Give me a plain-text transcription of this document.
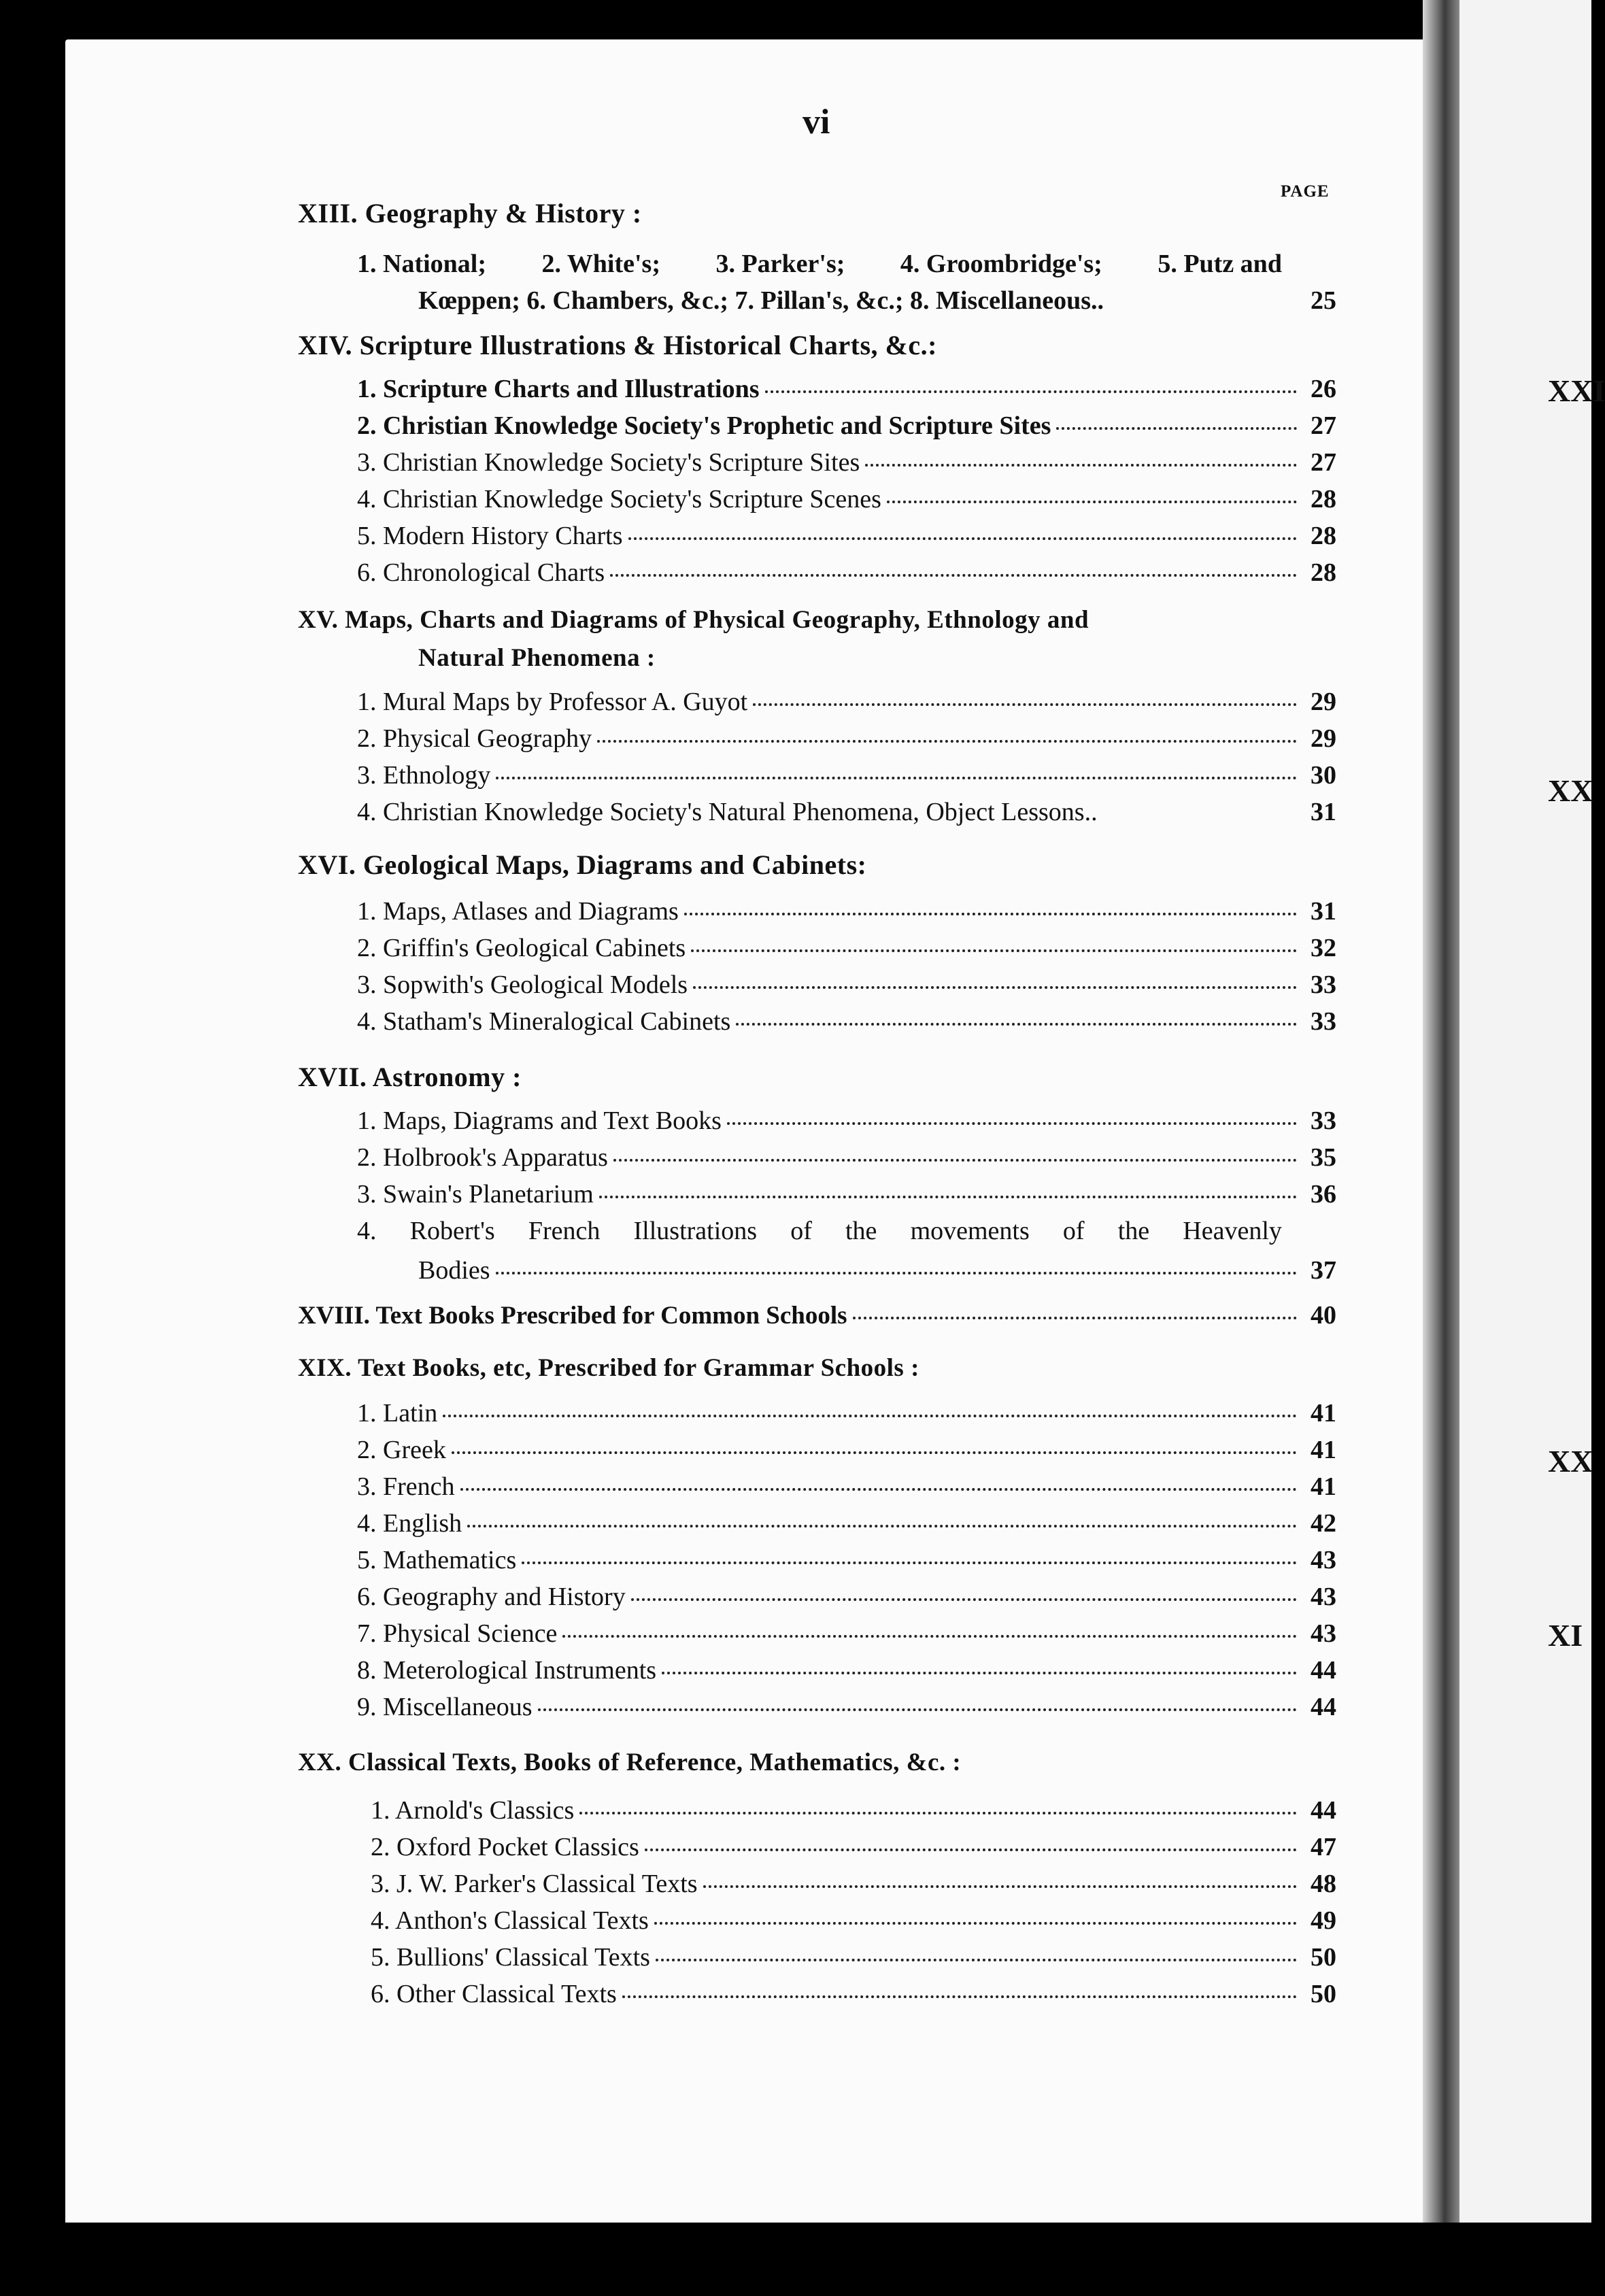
XXI
XX
XX
XI
vi
PAGE
XIII. Geography & History :
1. National; 2. White's; 3. Parker's; 4. Groombridge's; 5. Putz and
Kœppen; 6. Chambers, &c.; 7. Pillan's, &c.; 8. Miscellaneous..	25
XIV. Scripture Illustrations & Historical Charts, &c.:
1. Scripture Charts and Illustrations	26
2. Christian Knowledge Society's Prophetic and Scripture Sites	27
3. Christian Knowledge Society's Scripture Sites	27
4. Christian Knowledge Society's Scripture Scenes	28
5. Modern History Charts	28
6. Chronological Charts	28
XV. Maps, Charts and Diagrams of Physical Geography, Ethnology and
Natural Phenomena :
1. Mural Maps by Professor A. Guyot	29
2. Physical Geography	29
3. Ethnology	30
4. Christian Knowledge Society's Natural Phenomena, Object Lessons..	31
XVI. Geological Maps, Diagrams and Cabinets:
1. Maps, Atlases and Diagrams	31
2. Griffin's Geological Cabinets	32
3. Sopwith's Geological Models	33
4. Statham's Mineralogical Cabinets	33
XVII. Astronomy :
1. Maps, Diagrams and Text Books	33
2. Holbrook's Apparatus	35
3. Swain's Planetarium	36
4. Robert's French Illustrations of the movements of the Heavenly
Bodies	37
XVIII. Text Books Prescribed for Common Schools	40
XIX. Text Books, etc, Prescribed for Grammar Schools :
1. Latin	41
2. Greek	41
3. French	41
4. English	42
5. Mathematics	43
6. Geography and History	43
7. Physical Science	43
8. Meterological Instruments	44
9. Miscellaneous	44
XX. Classical Texts, Books of Reference, Mathematics, &c. :
1. Arnold's Classics	44
2. Oxford Pocket Classics	47
3. J. W. Parker's Classical Texts	48
4. Anthon's Classical Texts	49
5. Bullions' Classical Texts	50
6. Other Classical Texts	50
